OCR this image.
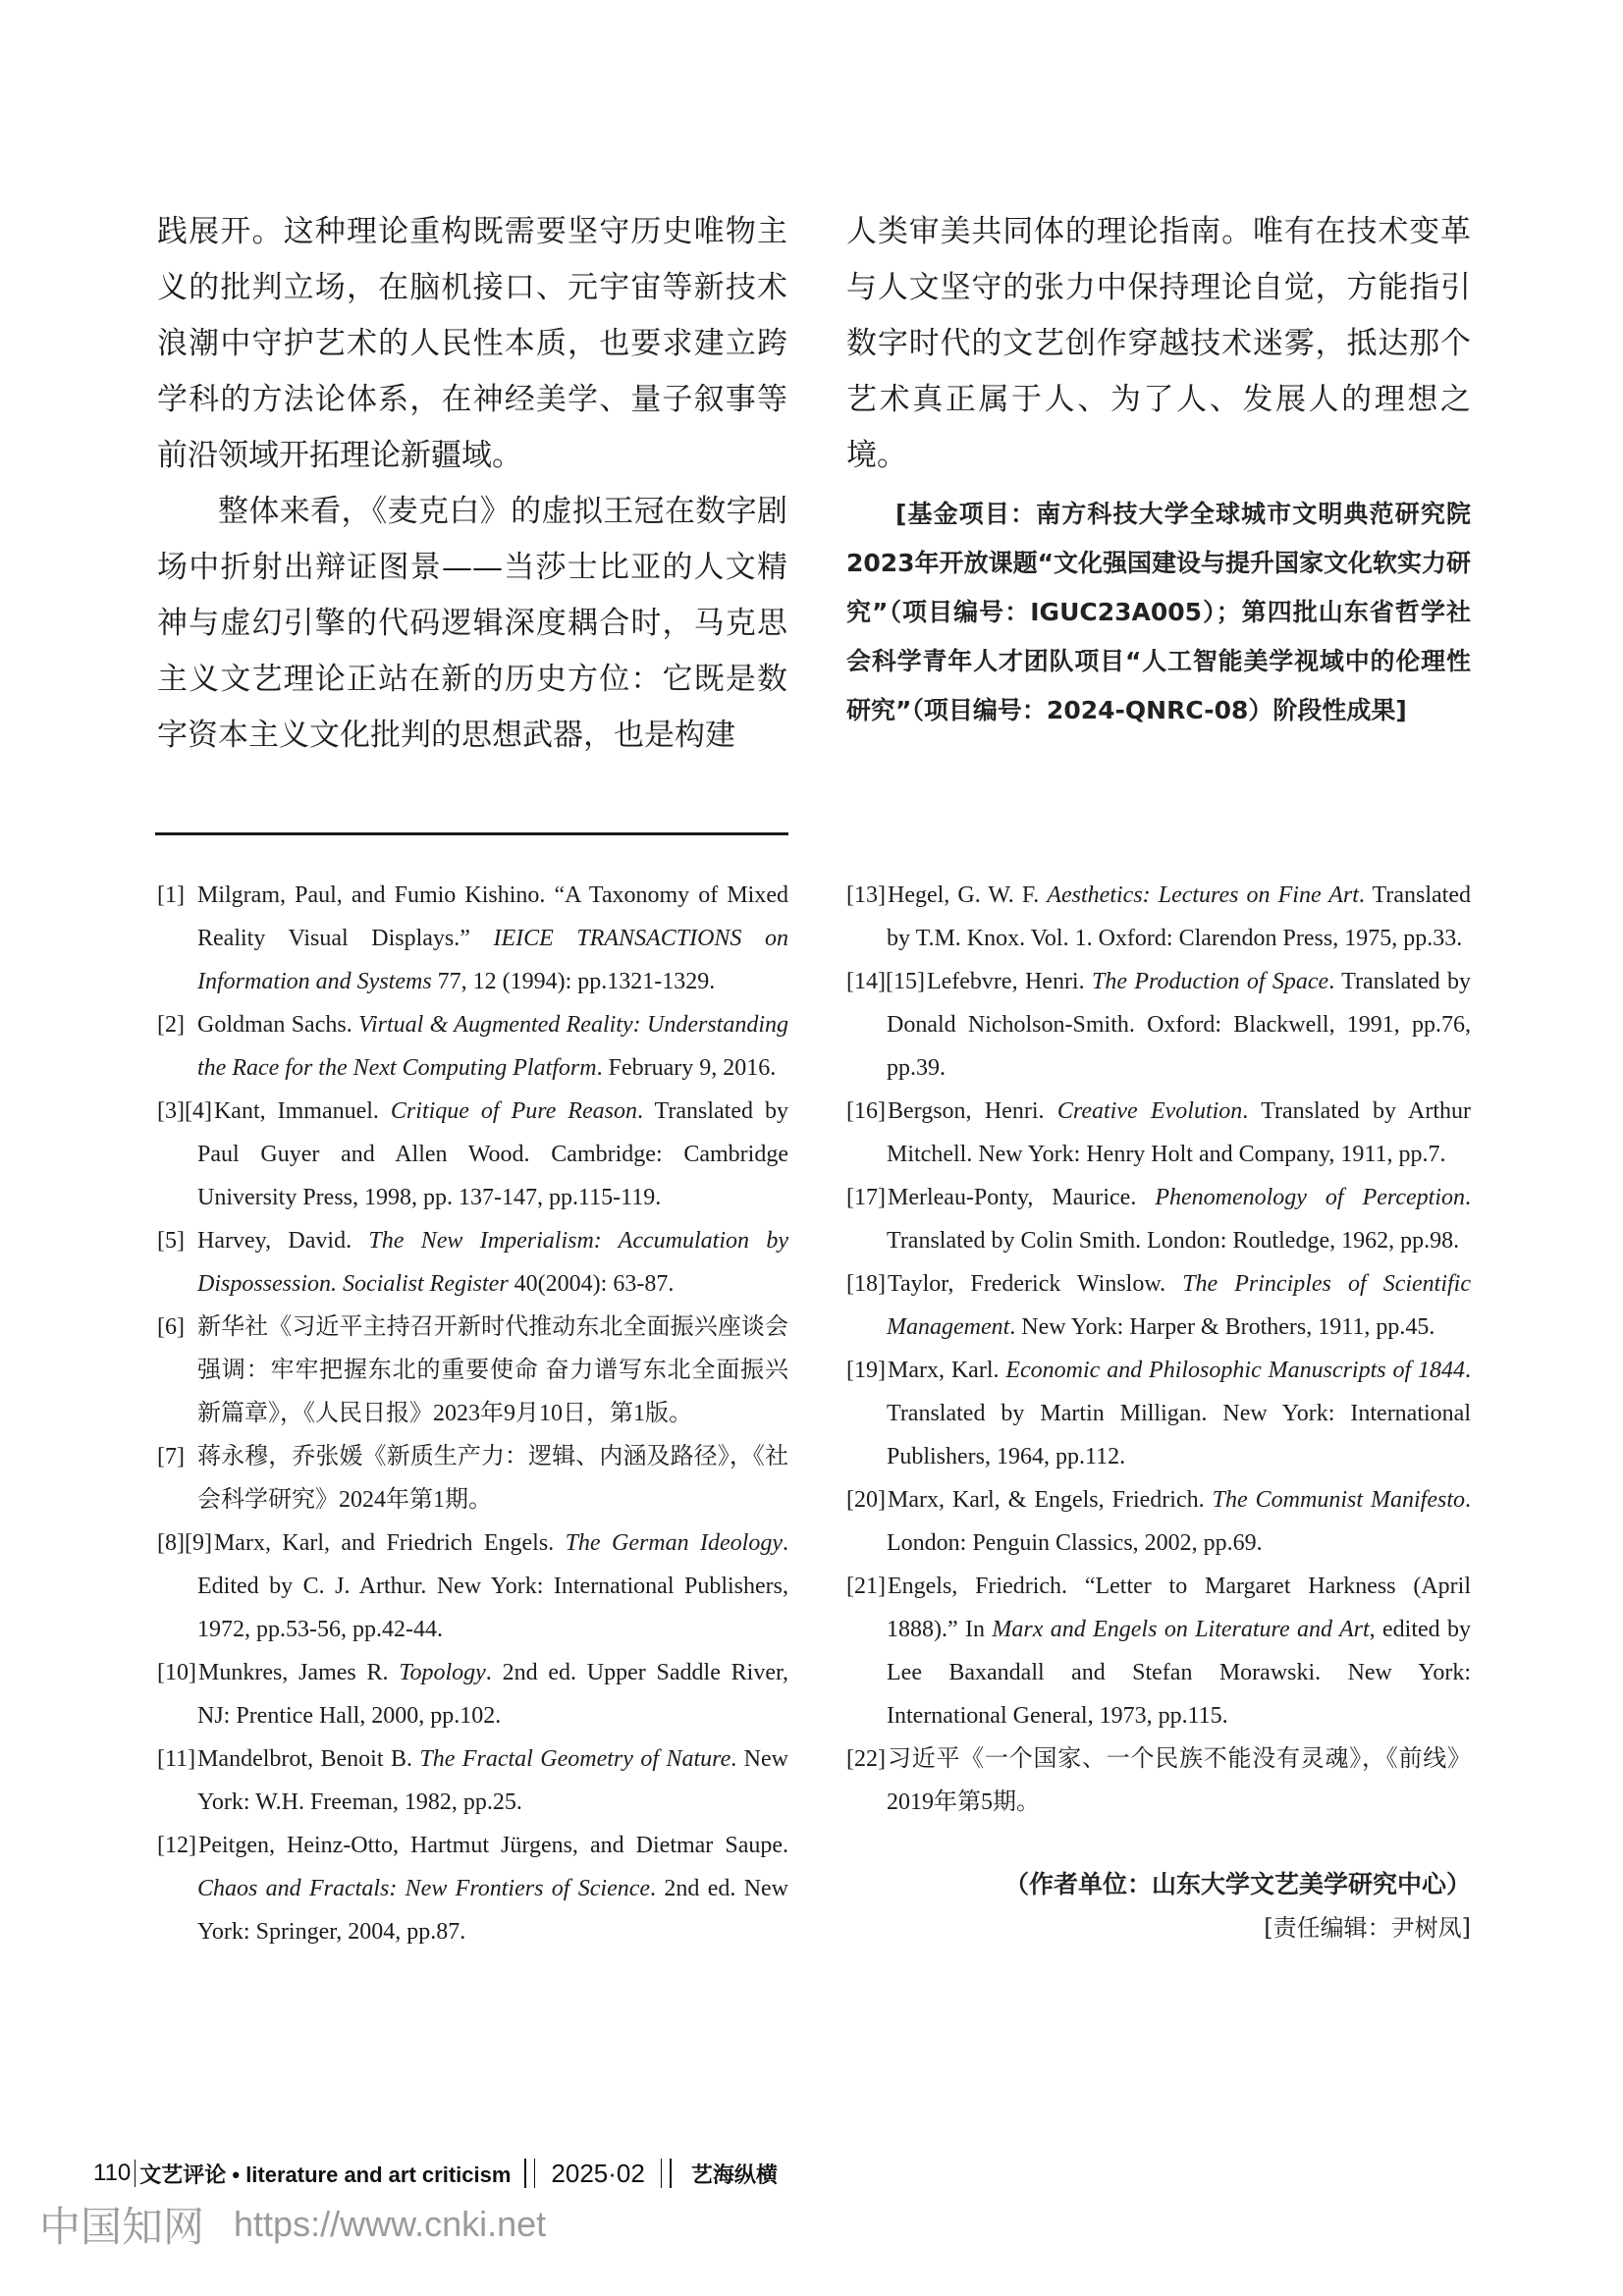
践展开。这种理论重构既需要坚守历史唯物主义的批判立场，在脑机接口、元宇宙等新技术浪潮中守护艺术的人民性本质，也要求建立跨学科的方法论体系，在神经美学、量子叙事等前沿领域开拓理论新疆域。

整体来看，《麦克白》的虚拟王冠在数字剧场中折射出辩证图景——当莎士比亚的人文精神与虚幻引擎的代码逻辑深度耦合时，马克思主义文艺理论正站在新的历史方位：它既是数字资本主义文化批判的思想武器，也是构建

人类审美共同体的理论指南。唯有在技术变革与人文坚守的张力中保持理论自觉，方能指引数字时代的文艺创作穿越技术迷雾，抵达那个艺术真正属于人、为了人、发展人的理想之境。

[基金项目：南方科技大学全球城市文明典范研究院2023年开放课题“文化强国建设与提升国家文化软实力研究”（项目编号：IGUC23A005）；第四批山东省哲学社会科学青年人才团队项目“人工智能美学视域中的伦理性研究”（项目编号：2024-QNRC-08）阶段性成果]

[1] Milgram, Paul, and Fumio Kishino. “A Taxonomy of Mixed Reality Visual Displays.” IEICE TRANSACTIONS on Information and Systems 77, 12 (1994): pp.1321-1329.

[2] Goldman Sachs. Virtual & Augmented Reality: Understanding the Race for the Next Computing Platform. February 9, 2016.

[3][4] Kant, Immanuel. Critique of Pure Reason. Translated by Paul Guyer and Allen Wood. Cambridge: Cambridge University Press, 1998, pp. 137-147, pp.115-119.

[5] Harvey, David. The New Imperialism: Accumulation by Dispossession. Socialist Register 40(2004): 63-87.

[6] 新华社《习近平主持召开新时代推动东北全面振兴座谈会强调：牢牢把握东北的重要使命 奋力谱写东北全面振兴新篇章》，《人民日报》2023年9月10日，第1版。

[7] 蒋永穆，乔张媛《新质生产力：逻辑、内涵及路径》，《社会科学研究》2024年第1期。

[8][9] Marx, Karl, and Friedrich Engels. The German Ideology. Edited by C. J. Arthur. New York: International Publishers, 1972, pp.53-56, pp.42-44.

[10] Munkres, James R. Topology. 2nd ed. Upper Saddle River, NJ: Prentice Hall, 2000, pp.102.

[11] Mandelbrot, Benoit B. The Fractal Geometry of Nature. New York: W.H. Freeman, 1982, pp.25.

[12] Peitgen, Heinz-Otto, Hartmut Jürgens, and Dietmar Saupe. Chaos and Fractals: New Frontiers of Science. 2nd ed. New York: Springer, 2004, pp.87.

[13] Hegel, G. W. F. Aesthetics: Lectures on Fine Art. Translated by T.M. Knox. Vol. 1. Oxford: Clarendon Press, 1975, pp.33.

[14][15] Lefebvre, Henri. The Production of Space. Translated by Donald Nicholson-Smith. Oxford: Blackwell, 1991, pp.76, pp.39.

[16] Bergson, Henri. Creative Evolution. Translated by Arthur Mitchell. New York: Henry Holt and Company, 1911, pp.7.

[17] Merleau-Ponty, Maurice. Phenomenology of Perception. Translated by Colin Smith. London: Routledge, 1962, pp.98.

[18] Taylor, Frederick Winslow. The Principles of Scientific Management. New York: Harper & Brothers, 1911, pp.45.

[19] Marx, Karl. Economic and Philosophic Manuscripts of 1844. Translated by Martin Milligan. New York: International Publishers, 1964, pp.112.

[20] Marx, Karl, & Engels, Friedrich. The Communist Manifesto. London: Penguin Classics, 2002, pp.69.

[21] Engels, Friedrich. “Letter to Margaret Harkness (April 1888).” In Marx and Engels on Literature and Art, edited by Lee Baxandall and Stefan Morawski. New York: International General, 1973, pp.115.

[22] 习近平《一个国家、一个民族不能没有灵魂》，《前线》2019年第5期。

（作者单位：山东大学文艺美学研究中心）
[责任编辑：尹树凤]
110 文艺评论 • literature and art criticism 2025·02 艺海纵横
中国知网 https://www.cnki.net
